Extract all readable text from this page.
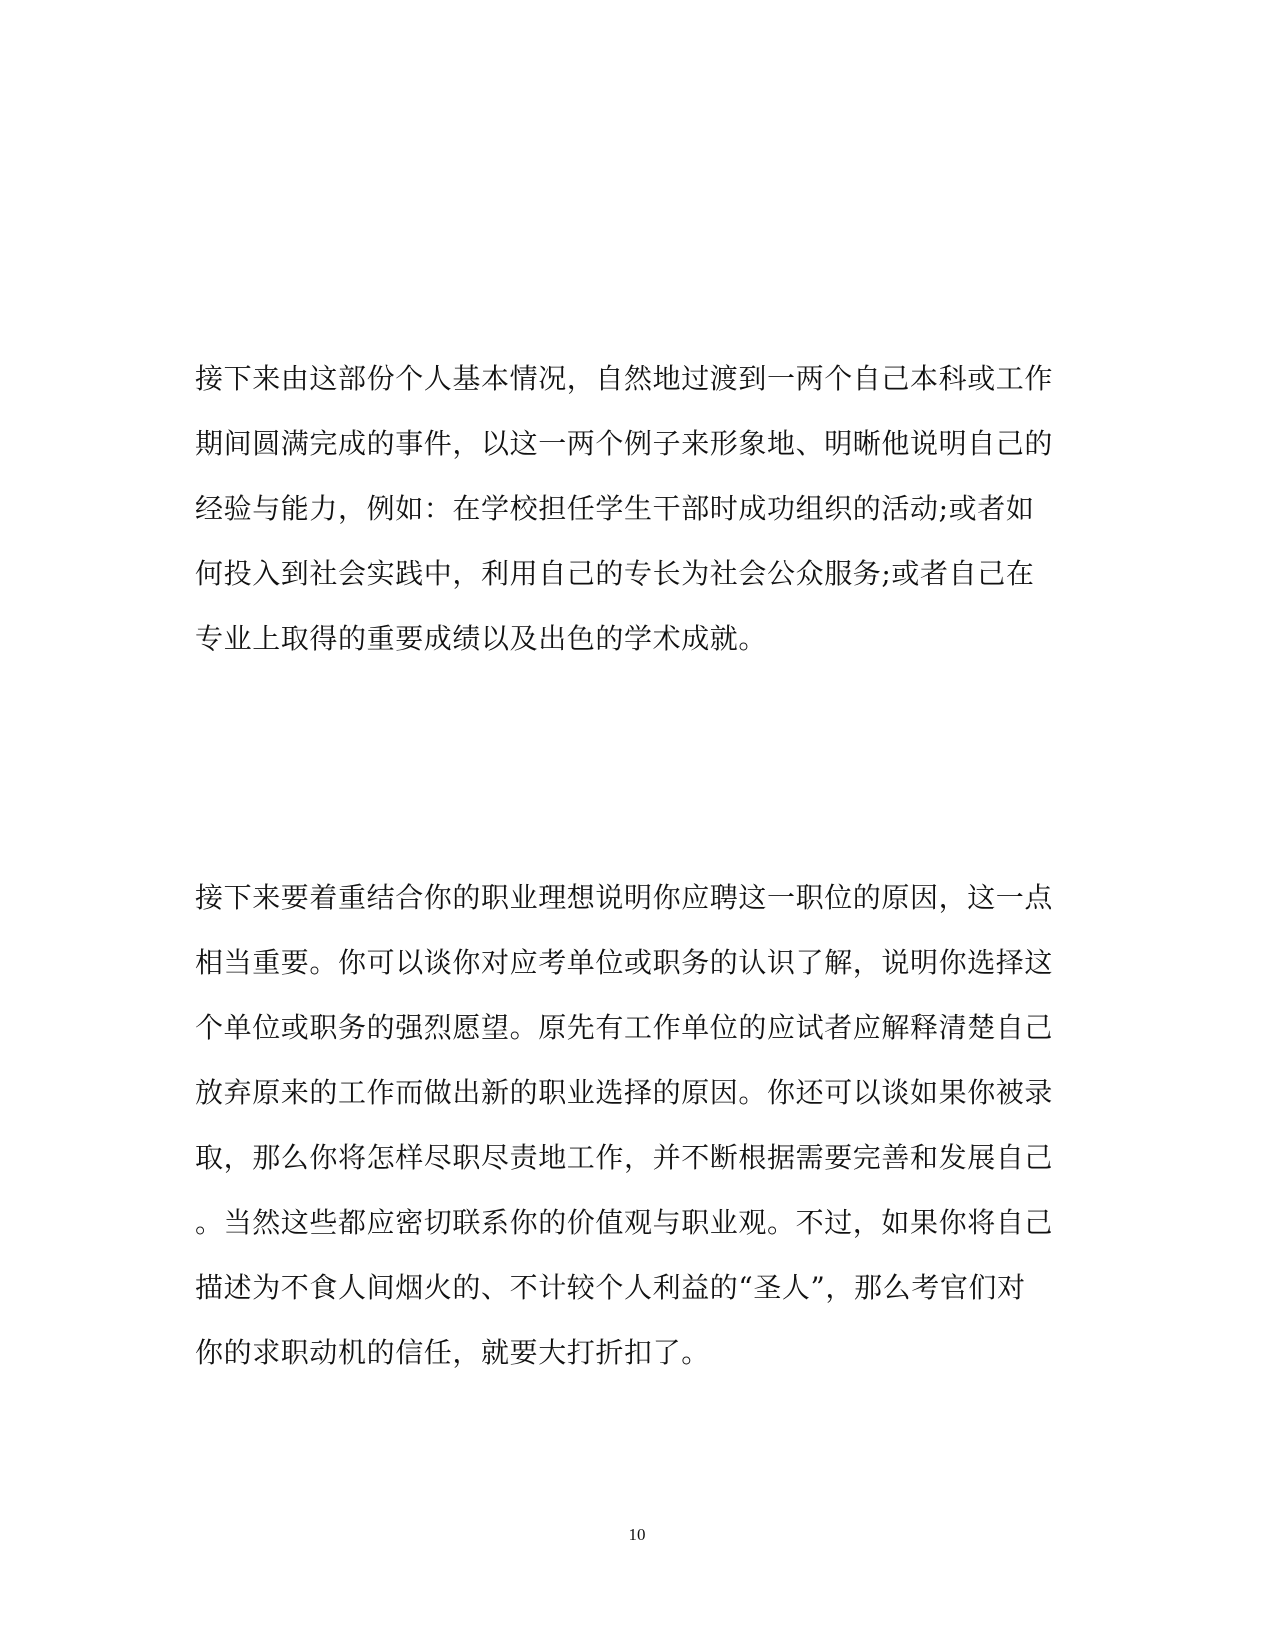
接下来由这部份个人基本情况，自然地过渡到一两个自己本科或工作
期间圆满完成的事件，以这一两个例子来形象地、明晰他说明自己的
经验与能力，例如：在学校担任学生干部时成功组织的活动;或者如
何投入到社会实践中，利用自己的专长为社会公众服务;或者自己在
专业上取得的重要成绩以及出色的学术成就。
接下来要着重结合你的职业理想说明你应聘这一职位的原因，这一点
相当重要。你可以谈你对应考单位或职务的认识了解，说明你选择这
个单位或职务的强烈愿望。原先有工作单位的应试者应解释清楚自己
放弃原来的工作而做出新的职业选择的原因。你还可以谈如果你被录
取，那么你将怎样尽职尽责地工作，并不断根据需要完善和发展自己
。当然这些都应密切联系你的价值观与职业观。不过，如果你将自己
描述为不食人间烟火的、不计较个人利益的“圣人”，那么考官们对
你的求职动机的信任，就要大打折扣了。
10
